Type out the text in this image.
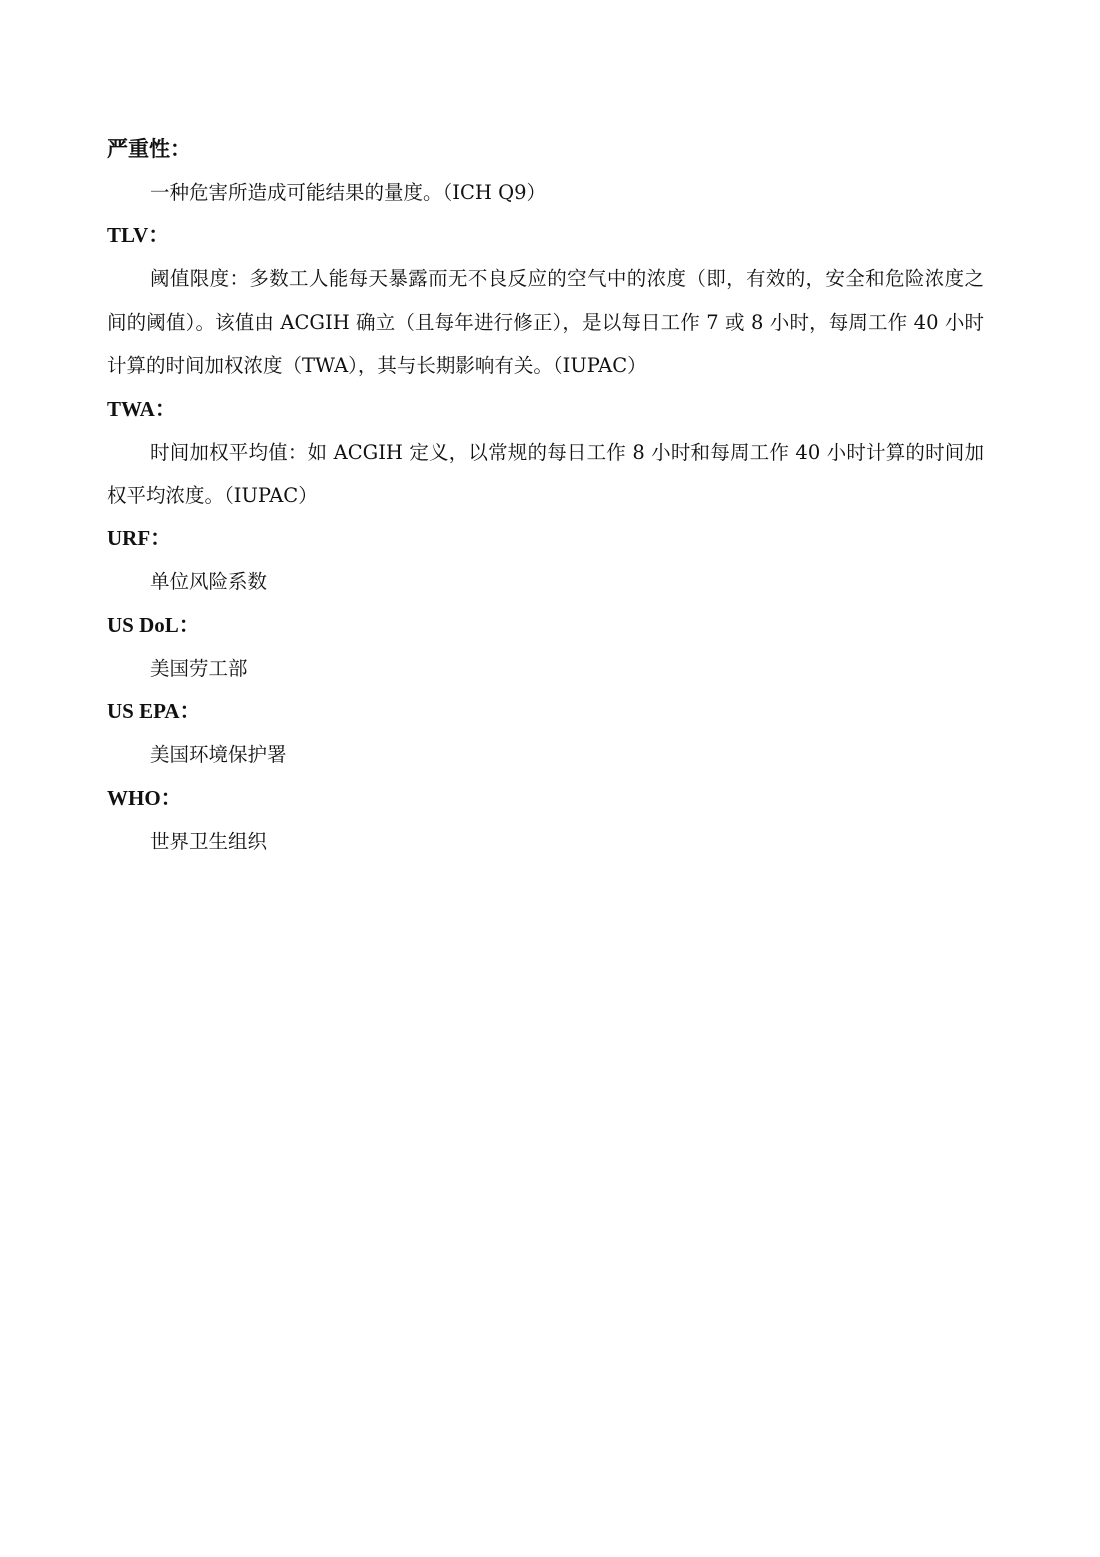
严重性：

一种危害所造成可能结果的量度。（ICH Q9）

TLV：

阈值限度：多数工人能每天暴露而无不良反应的空气中的浓度（即，有效的，安全和危险浓度之间的阈值）。该值由 ACGIH 确立（且每年进行修正），是以每日工作 7 或 8 小时，每周工作 40 小时计算的时间加权浓度（TWA），其与长期影响有关。（IUPAC）

TWA：

时间加权平均值：如 ACGIH 定义，以常规的每日工作 8 小时和每周工作 40 小时计算的时间加权平均浓度。（IUPAC）

URF：

单位风险系数

US DoL：

美国劳工部

US EPA：

美国环境保护署

WHO：

世界卫生组织
